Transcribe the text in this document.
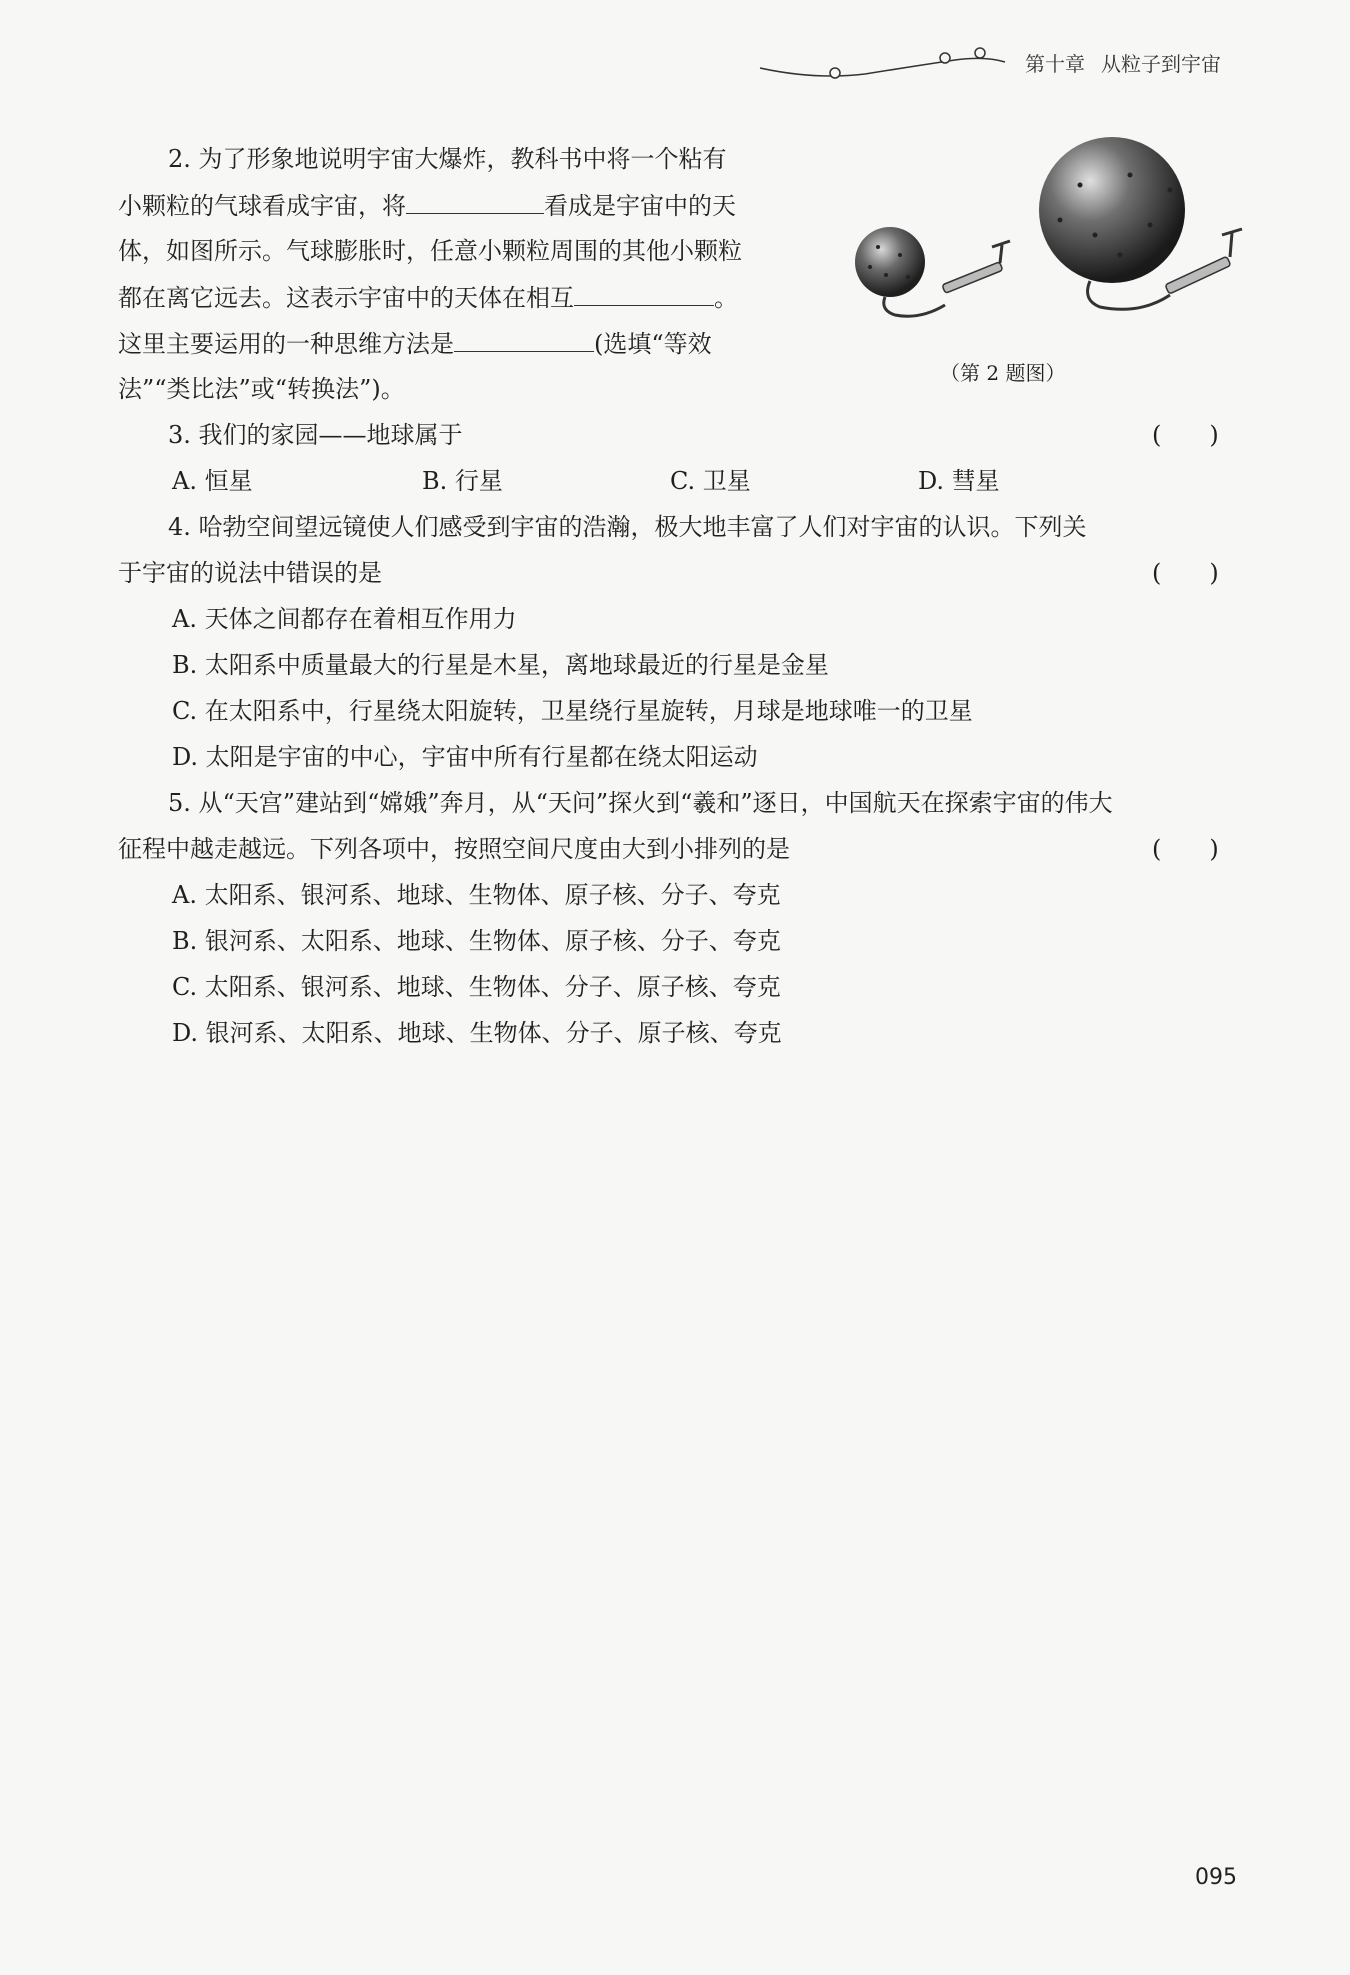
第十章 从粒子到宇宙
2. 为了形象地说明宇宙大爆炸，教科书中将一个粘有
小颗粒的气球看成宇宙，将	看成是宇宙中的天
体，如图所示。气球膨胀时，任意小颗粒周围的其他小颗粒
都在离它远去。这表示宇宙中的天体在相互	。
这里主要运用的一种思维方法是	(选填“等效
法”“类比法”或“转换法”)。
（第 2 题图）
3. 我们的家园——地球属于	(　　)
A. 恒星	B. 行星	C. 卫星	D. 彗星
4. 哈勃空间望远镜使人们感受到宇宙的浩瀚，极大地丰富了人们对宇宙的认识。下列关
于宇宙的说法中错误的是	(　　)
A. 天体之间都存在着相互作用力
B. 太阳系中质量最大的行星是木星，离地球最近的行星是金星
C. 在太阳系中，行星绕太阳旋转，卫星绕行星旋转，月球是地球唯一的卫星
D. 太阳是宇宙的中心，宇宙中所有行星都在绕太阳运动
5. 从“天宫”建站到“嫦娥”奔月，从“天问”探火到“羲和”逐日，中国航天在探索宇宙的伟大
征程中越走越远。下列各项中，按照空间尺度由大到小排列的是	(　　)
A. 太阳系、银河系、地球、生物体、原子核、分子、夸克
B. 银河系、太阳系、地球、生物体、原子核、分子、夸克
C. 太阳系、银河系、地球、生物体、分子、原子核、夸克
D. 银河系、太阳系、地球、生物体、分子、原子核、夸克
095
